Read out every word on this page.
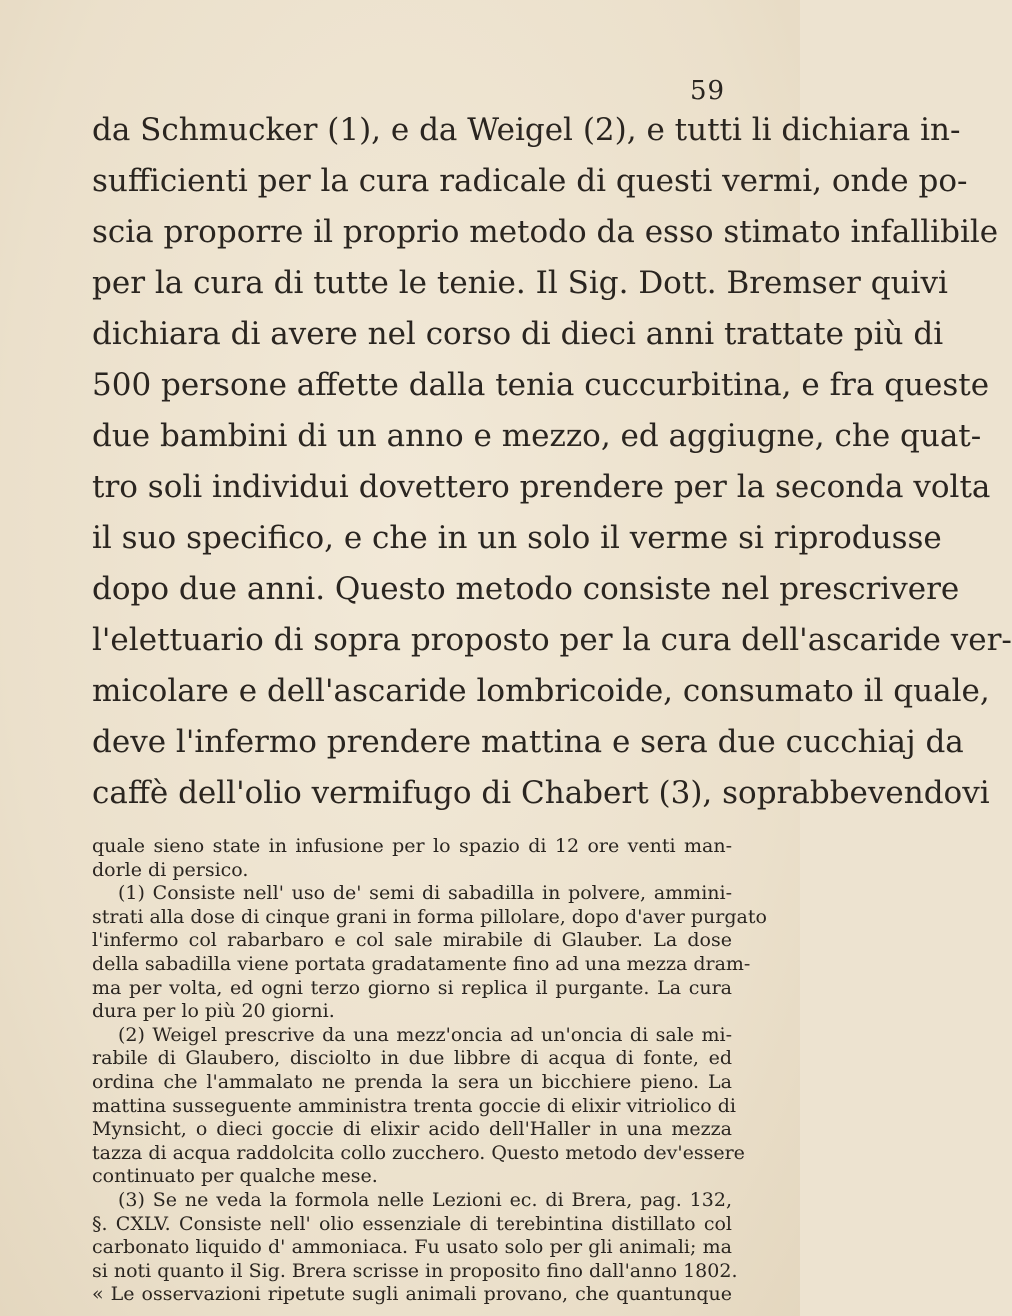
59
da Schmucker (1), e da Weigel (2), e tutti li dichiara in-
sufficienti per la cura radicale di questi vermi, onde po-
scia proporre il proprio metodo da esso stimato infallibile
per la cura di tutte le tenie. Il Sig. Dott. Bremser quivi
dichiara di avere nel corso di dieci anni trattate più di
500 persone affette dalla tenia cuccurbitina, e fra queste
due bambini di un anno e mezzo, ed aggiugne, che quat-
tro soli individui dovettero prendere per la seconda volta
il suo specifico, e che in un solo il verme si riprodusse
dopo due anni. Questo metodo consiste nel prescrivere
l'elettuario di sopra proposto per la cura dell'ascaride ver-
micolare e dell'ascaride lombricoide, consumato il quale,
deve l'infermo prendere mattina e sera due cucchiaj da
caffè dell'olio vermifugo di Chabert (3), soprabbevendovi
quale sieno state in infusione per lo spazio di 12 ore venti man-
dorle di persico.
(1) Consiste nell' uso de' semi di sabadilla in polvere, ammini-
strati alla dose di cinque grani in forma pillolare, dopo d'aver purgato
l'infermo col rabarbaro e col sale mirabile di Glauber. La dose
della sabadilla viene portata gradatamente fino ad una mezza dram-
ma per volta, ed ogni terzo giorno si replica il purgante. La cura
dura per lo più 20 giorni.
(2) Weigel prescrive da una mezz'oncia ad un'oncia di sale mi-
rabile di Glaubero, disciolto in due libbre di acqua di fonte, ed
ordina che l'ammalato ne prenda la sera un bicchiere pieno. La
mattina susseguente amministra trenta goccie di elixir vitriolico di
Mynsicht, o dieci goccie di elixir acido dell'Haller in una mezza
tazza di acqua raddolcita collo zucchero. Questo metodo dev'essere
continuato per qualche mese.
(3) Se ne veda la formola nelle Lezioni ec. di Brera, pag. 132,
§. CXLV. Consiste nell' olio essenziale di terebintina distillato col
carbonato liquido d' ammoniaca. Fu usato solo per gli animali; ma
si noti quanto il Sig. Brera scrisse in proposito fino dall'anno 1802.
« Le osservazioni ripetute sugli animali provano, che quantunque
